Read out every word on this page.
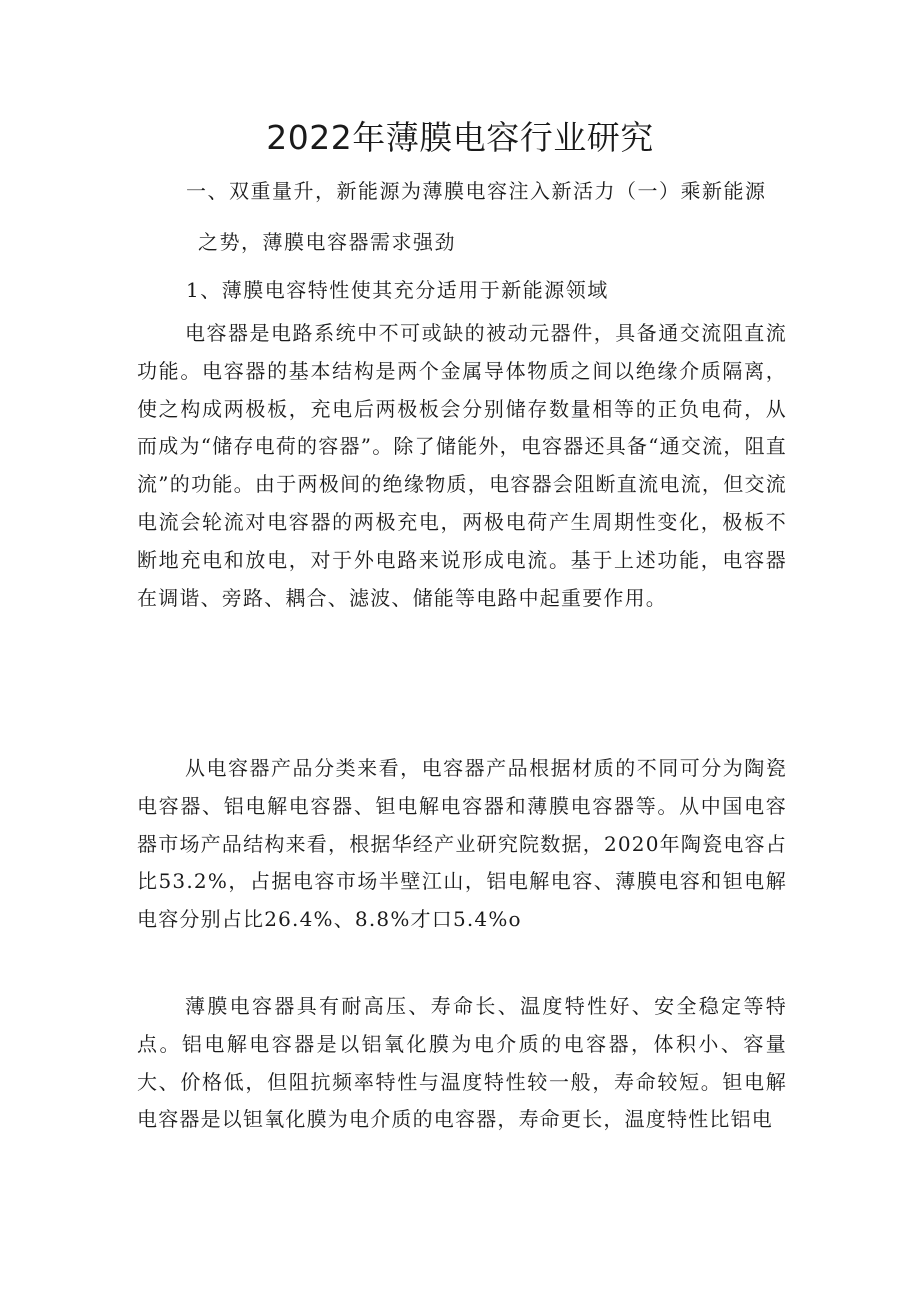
2022年薄膜电容行业研究

一、双重量升，新能源为薄膜电容注入新活力（一）乘新能源

之势，薄膜电容器需求强劲

1、薄膜电容特性使其充分适用于新能源领域

电容器是电路系统中不可或缺的被动元器件，具备通交流阻直流功能。电容器的基本结构是两个金属导体物质之间以绝缘介质隔离，使之构成两极板，充电后两极板会分别储存数量相等的正负电荷，从而成为“储存电荷的容器”。除了储能外，电容器还具备“通交流，阻直流”的功能。由于两极间的绝缘物质，电容器会阻断直流电流，但交流电流会轮流对电容器的两极充电，两极电荷产生周期性变化，极板不断地充电和放电，对于外电路来说形成电流。基于上述功能，电容器在调谐、旁路、耦合、滤波、储能等电路中起重要作用。

从电容器产品分类来看，电容器产品根据材质的不同可分为陶瓷电容器、铝电解电容器、钽电解电容器和薄膜电容器等。从中国电容器市场产品结构来看，根据华经产业研究院数据，2020年陶瓷电容占比53.2%，占据电容市场半壁江山，铝电解电容、薄膜电容和钽电解电容分别占比26.4%、8.8%才口5.4%o

薄膜电容器具有耐高压、寿命长、温度特性好、安全稳定等特点。铝电解电容器是以铝氧化膜为电介质的电容器，体积小、容量大、价格低，但阻抗频率特性与温度特性较一般，寿命较短。钽电解电容器是以钽氧化膜为电介质的电容器，寿命更长，温度特性比铝电
